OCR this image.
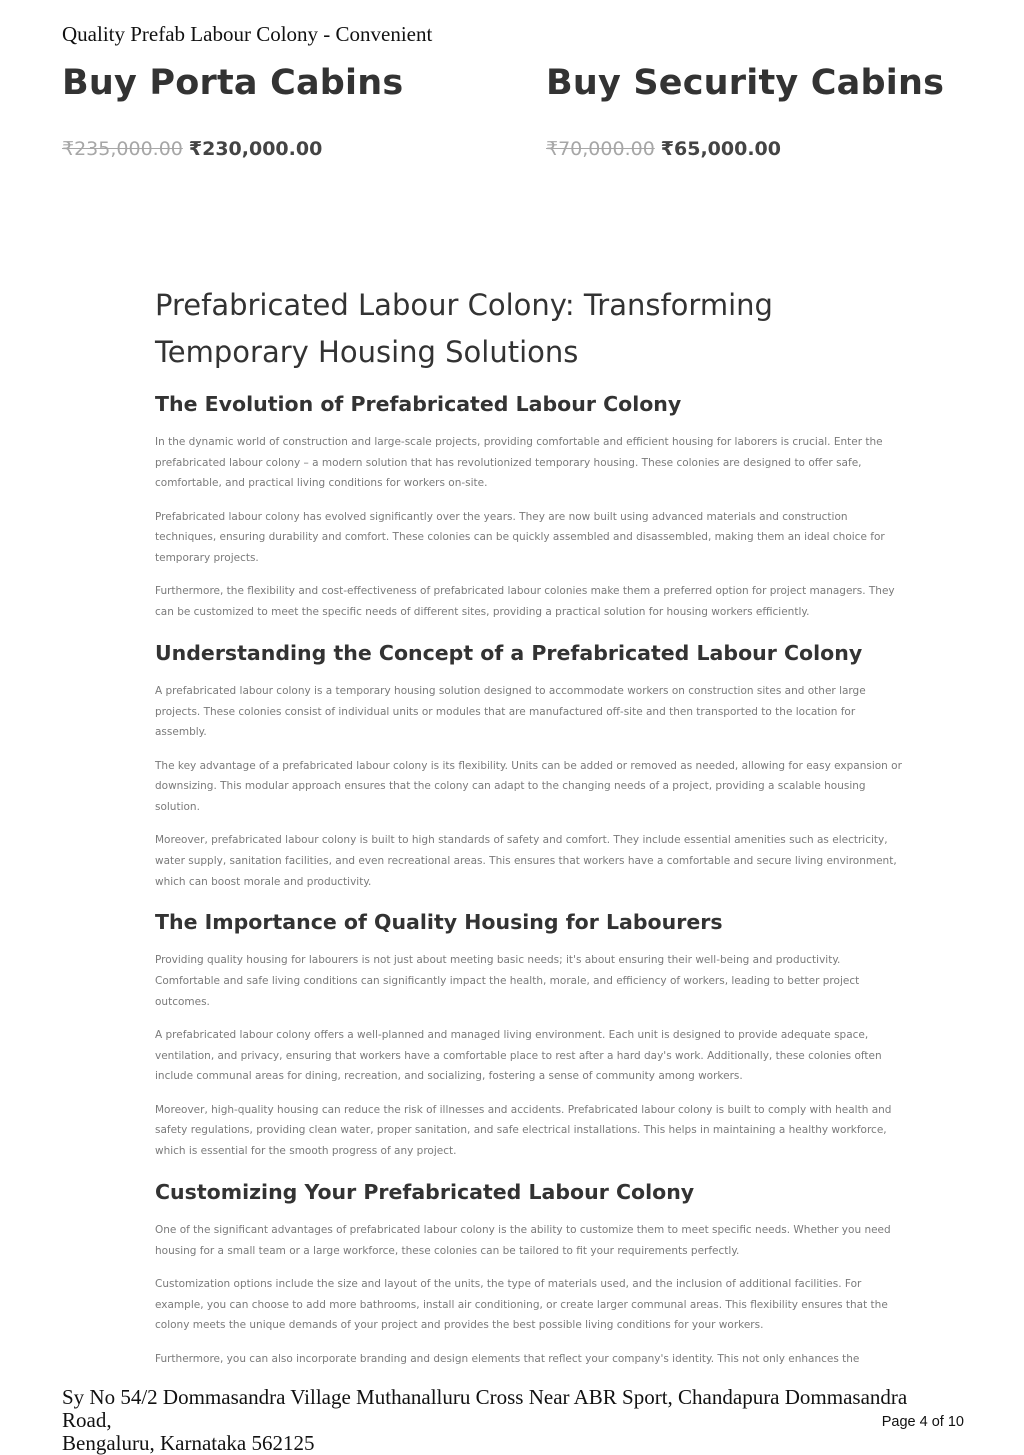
Quality Prefab Labour Colony - Convenient
Buy Porta Cabins
₹235,000.00 ₹230,000.00
Buy Security Cabins
₹70,000.00 ₹65,000.00
Prefabricated Labour Colony: Transforming Temporary Housing Solutions
The Evolution of Prefabricated Labour Colony

In the dynamic world of construction and large-scale projects, providing comfortable and efficient housing for laborers is crucial. Enter the prefabricated labour colony – a modern solution that has revolutionized temporary housing. These colonies are designed to offer safe, comfortable, and practical living conditions for workers on-site.

Prefabricated labour colony has evolved significantly over the years. They are now built using advanced materials and construction techniques, ensuring durability and comfort. These colonies can be quickly assembled and disassembled, making them an ideal choice for temporary projects.

Furthermore, the flexibility and cost-effectiveness of prefabricated labour colonies make them a preferred option for project managers. They can be customized to meet the specific needs of different sites, providing a practical solution for housing workers efficiently.

Understanding the Concept of a Prefabricated Labour Colony

A prefabricated labour colony is a temporary housing solution designed to accommodate workers on construction sites and other large projects. These colonies consist of individual units or modules that are manufactured off-site and then transported to the location for assembly.

The key advantage of a prefabricated labour colony is its flexibility. Units can be added or removed as needed, allowing for easy expansion or downsizing. This modular approach ensures that the colony can adapt to the changing needs of a project, providing a scalable housing solution.

Moreover, prefabricated labour colony is built to high standards of safety and comfort. They include essential amenities such as electricity, water supply, sanitation facilities, and even recreational areas. This ensures that workers have a comfortable and secure living environment, which can boost morale and productivity.

The Importance of Quality Housing for Labourers

Providing quality housing for labourers is not just about meeting basic needs; it's about ensuring their well-being and productivity. Comfortable and safe living conditions can significantly impact the health, morale, and efficiency of workers, leading to better project outcomes.

A prefabricated labour colony offers a well-planned and managed living environment. Each unit is designed to provide adequate space, ventilation, and privacy, ensuring that workers have a comfortable place to rest after a hard day's work. Additionally, these colonies often include communal areas for dining, recreation, and socializing, fostering a sense of community among workers.

Moreover, high-quality housing can reduce the risk of illnesses and accidents. Prefabricated labour colony is built to comply with health and safety regulations, providing clean water, proper sanitation, and safe electrical installations. This helps in maintaining a healthy workforce, which is essential for the smooth progress of any project.

Customizing Your Prefabricated Labour Colony

One of the significant advantages of prefabricated labour colony is the ability to customize them to meet specific needs. Whether you need housing for a small team or a large workforce, these colonies can be tailored to fit your requirements perfectly.

Customization options include the size and layout of the units, the type of materials used, and the inclusion of additional facilities. For example, you can choose to add more bathrooms, install air conditioning, or create larger communal areas. This flexibility ensures that the colony meets the unique demands of your project and provides the best possible living conditions for your workers.

Furthermore, you can also incorporate branding and design elements that reflect your company's identity. This not only enhances the

Sy No 54/2 Dommasandra Village Muthanalluru Cross Near ABR Sport, Chandapura Dommasandra Road,
Bengaluru, Karnataka 562125
Page 4 of 10
